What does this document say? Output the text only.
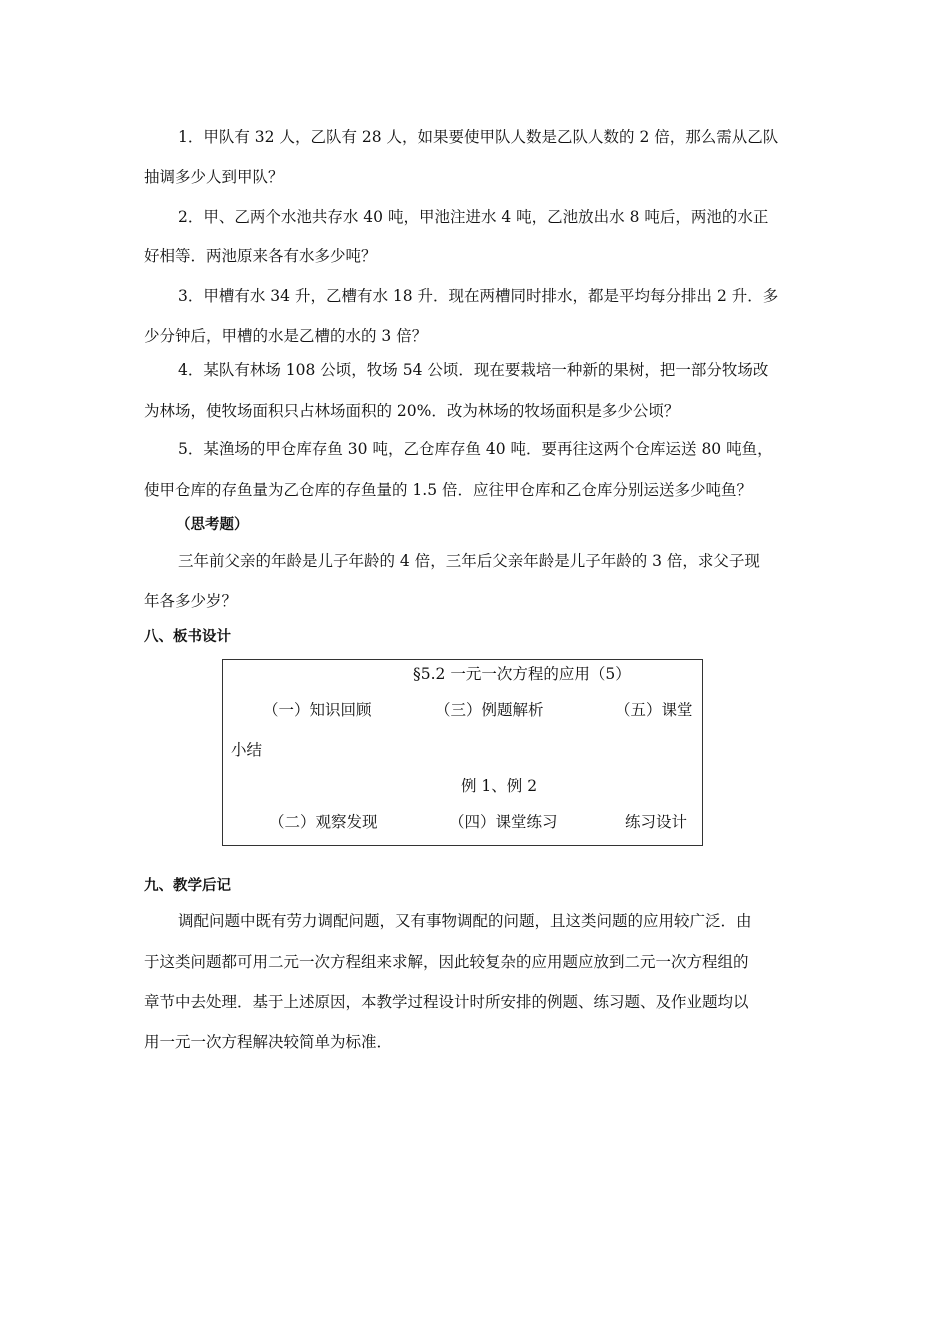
1．甲队有 32 人，乙队有 28 人，如果要使甲队人数是乙队人数的 2 倍，那么需从乙队
抽调多少人到甲队？
2．甲、乙两个水池共存水 40 吨，甲池注进水 4 吨，乙池放出水 8 吨后，两池的水正
好相等．两池原来各有水多少吨？
3．甲槽有水 34 升，乙槽有水 18 升．现在两槽同时排水，都是平均每分排出 2 升．多
少分钟后，甲槽的水是乙槽的水的 3 倍？
4．某队有林场 108 公顷，牧场 54 公顷．现在要栽培一种新的果树，把一部分牧场改
为林场，使牧场面积只占林场面积的 20%．改为林场的牧场面积是多少公顷？
5．某渔场的甲仓库存鱼 30 吨，乙仓库存鱼 40 吨．要再往这两个仓库运送 80 吨鱼，
使甲仓库的存鱼量为乙仓库的存鱼量的 1.5 倍．应往甲仓库和乙仓库分别运送多少吨鱼？
（思考题）
三年前父亲的年龄是儿子年龄的 4 倍，三年后父亲年龄是儿子年龄的 3 倍，求父子现
年各多少岁？
八、板书设计
§5.2 一元一次方程的应用（5）
（一）知识回顾	（三）例题解析	（五）课堂
小结
例 1、例 2
（二）观察发现	（四）课堂练习	练习设计
九、教学后记
调配问题中既有劳力调配问题，又有事物调配的问题，且这类问题的应用较广泛．由
于这类问题都可用二元一次方程组来求解，因此较复杂的应用题应放到二元一次方程组的
章节中去处理．基于上述原因，本教学过程设计时所安排的例题、练习题、及作业题均以
用一元一次方程解决较简单为标准．
